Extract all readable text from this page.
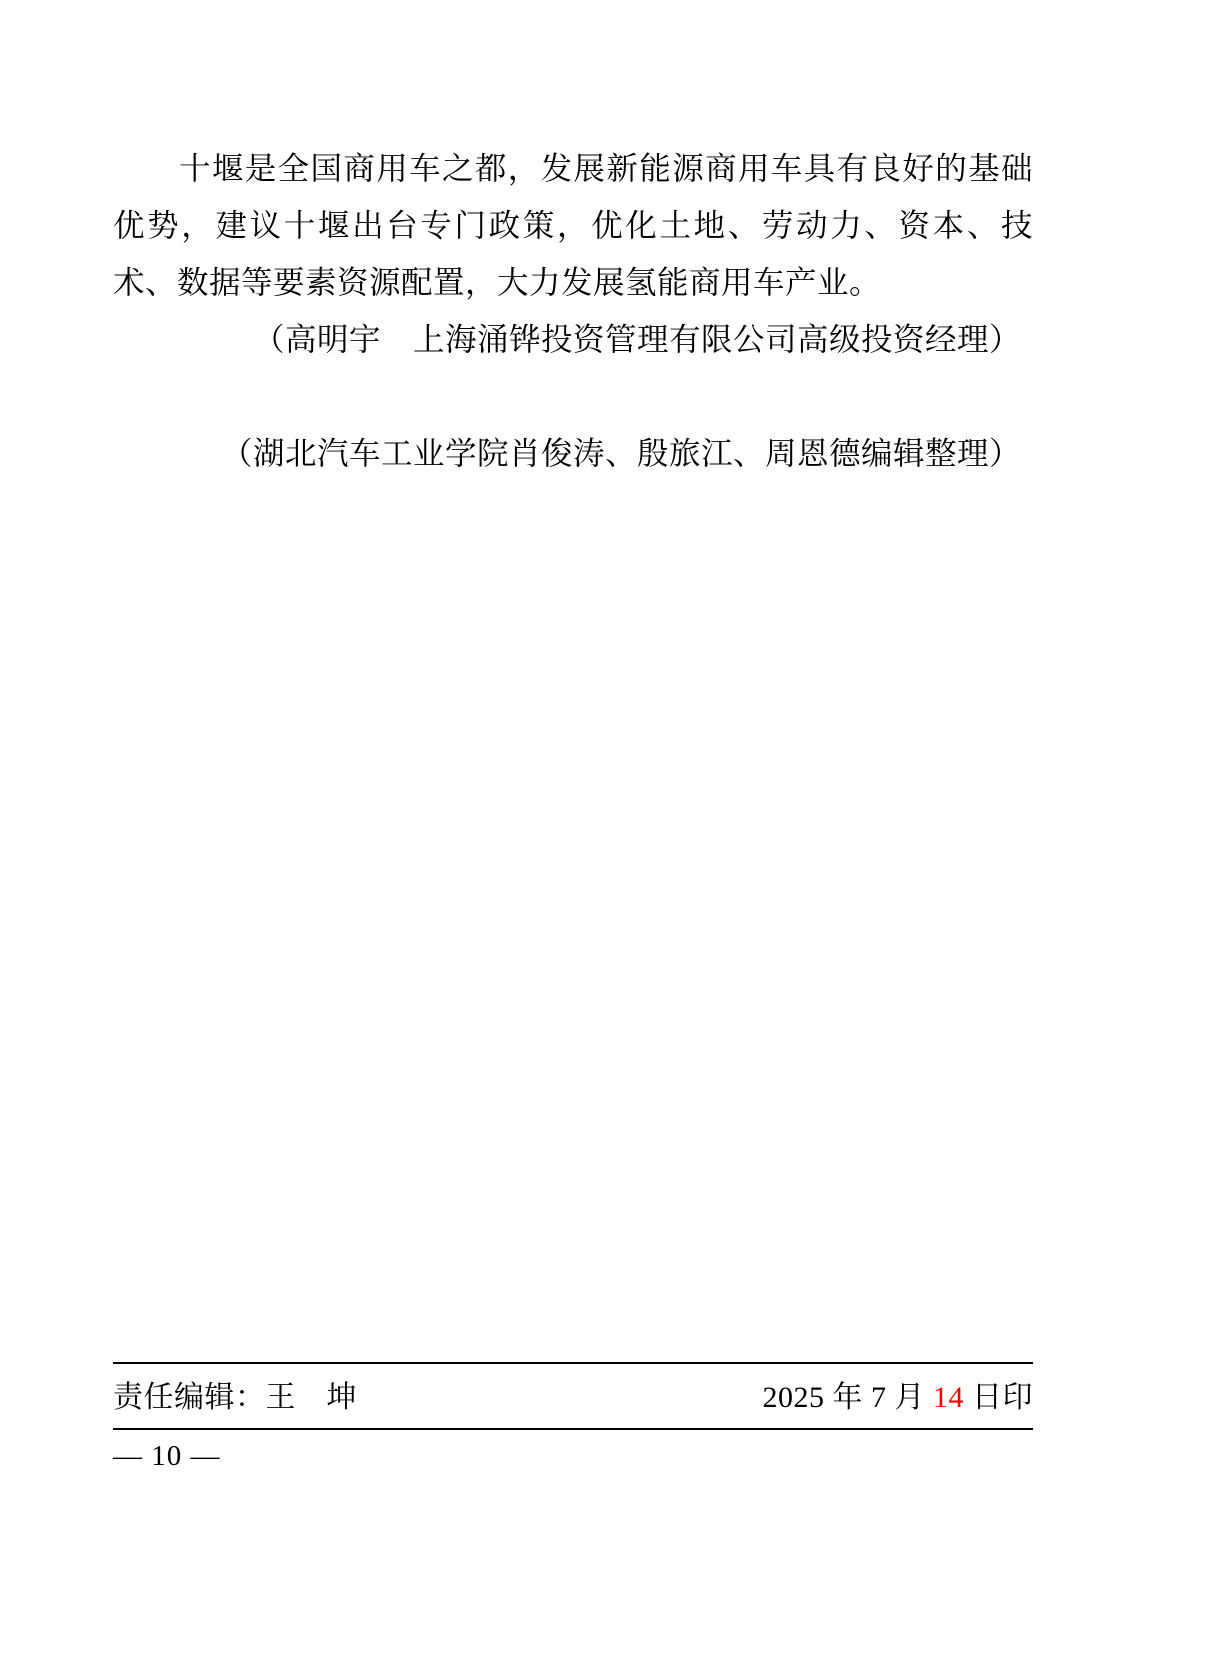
十堰是全国商用车之都，发展新能源商用车具有良好的基础优势，建议十堰出台专门政策，优化土地、劳动力、资本、技术、数据等要素资源配置，大力发展氢能商用车产业。

（高明宇　上海涌铧投资管理有限公司高级投资经理）

（湖北汽车工业学院肖俊涛、殷旅江、周恩德编辑整理）

责任编辑：王　坤	2025 年 7 月 14 日印
— 10 —
